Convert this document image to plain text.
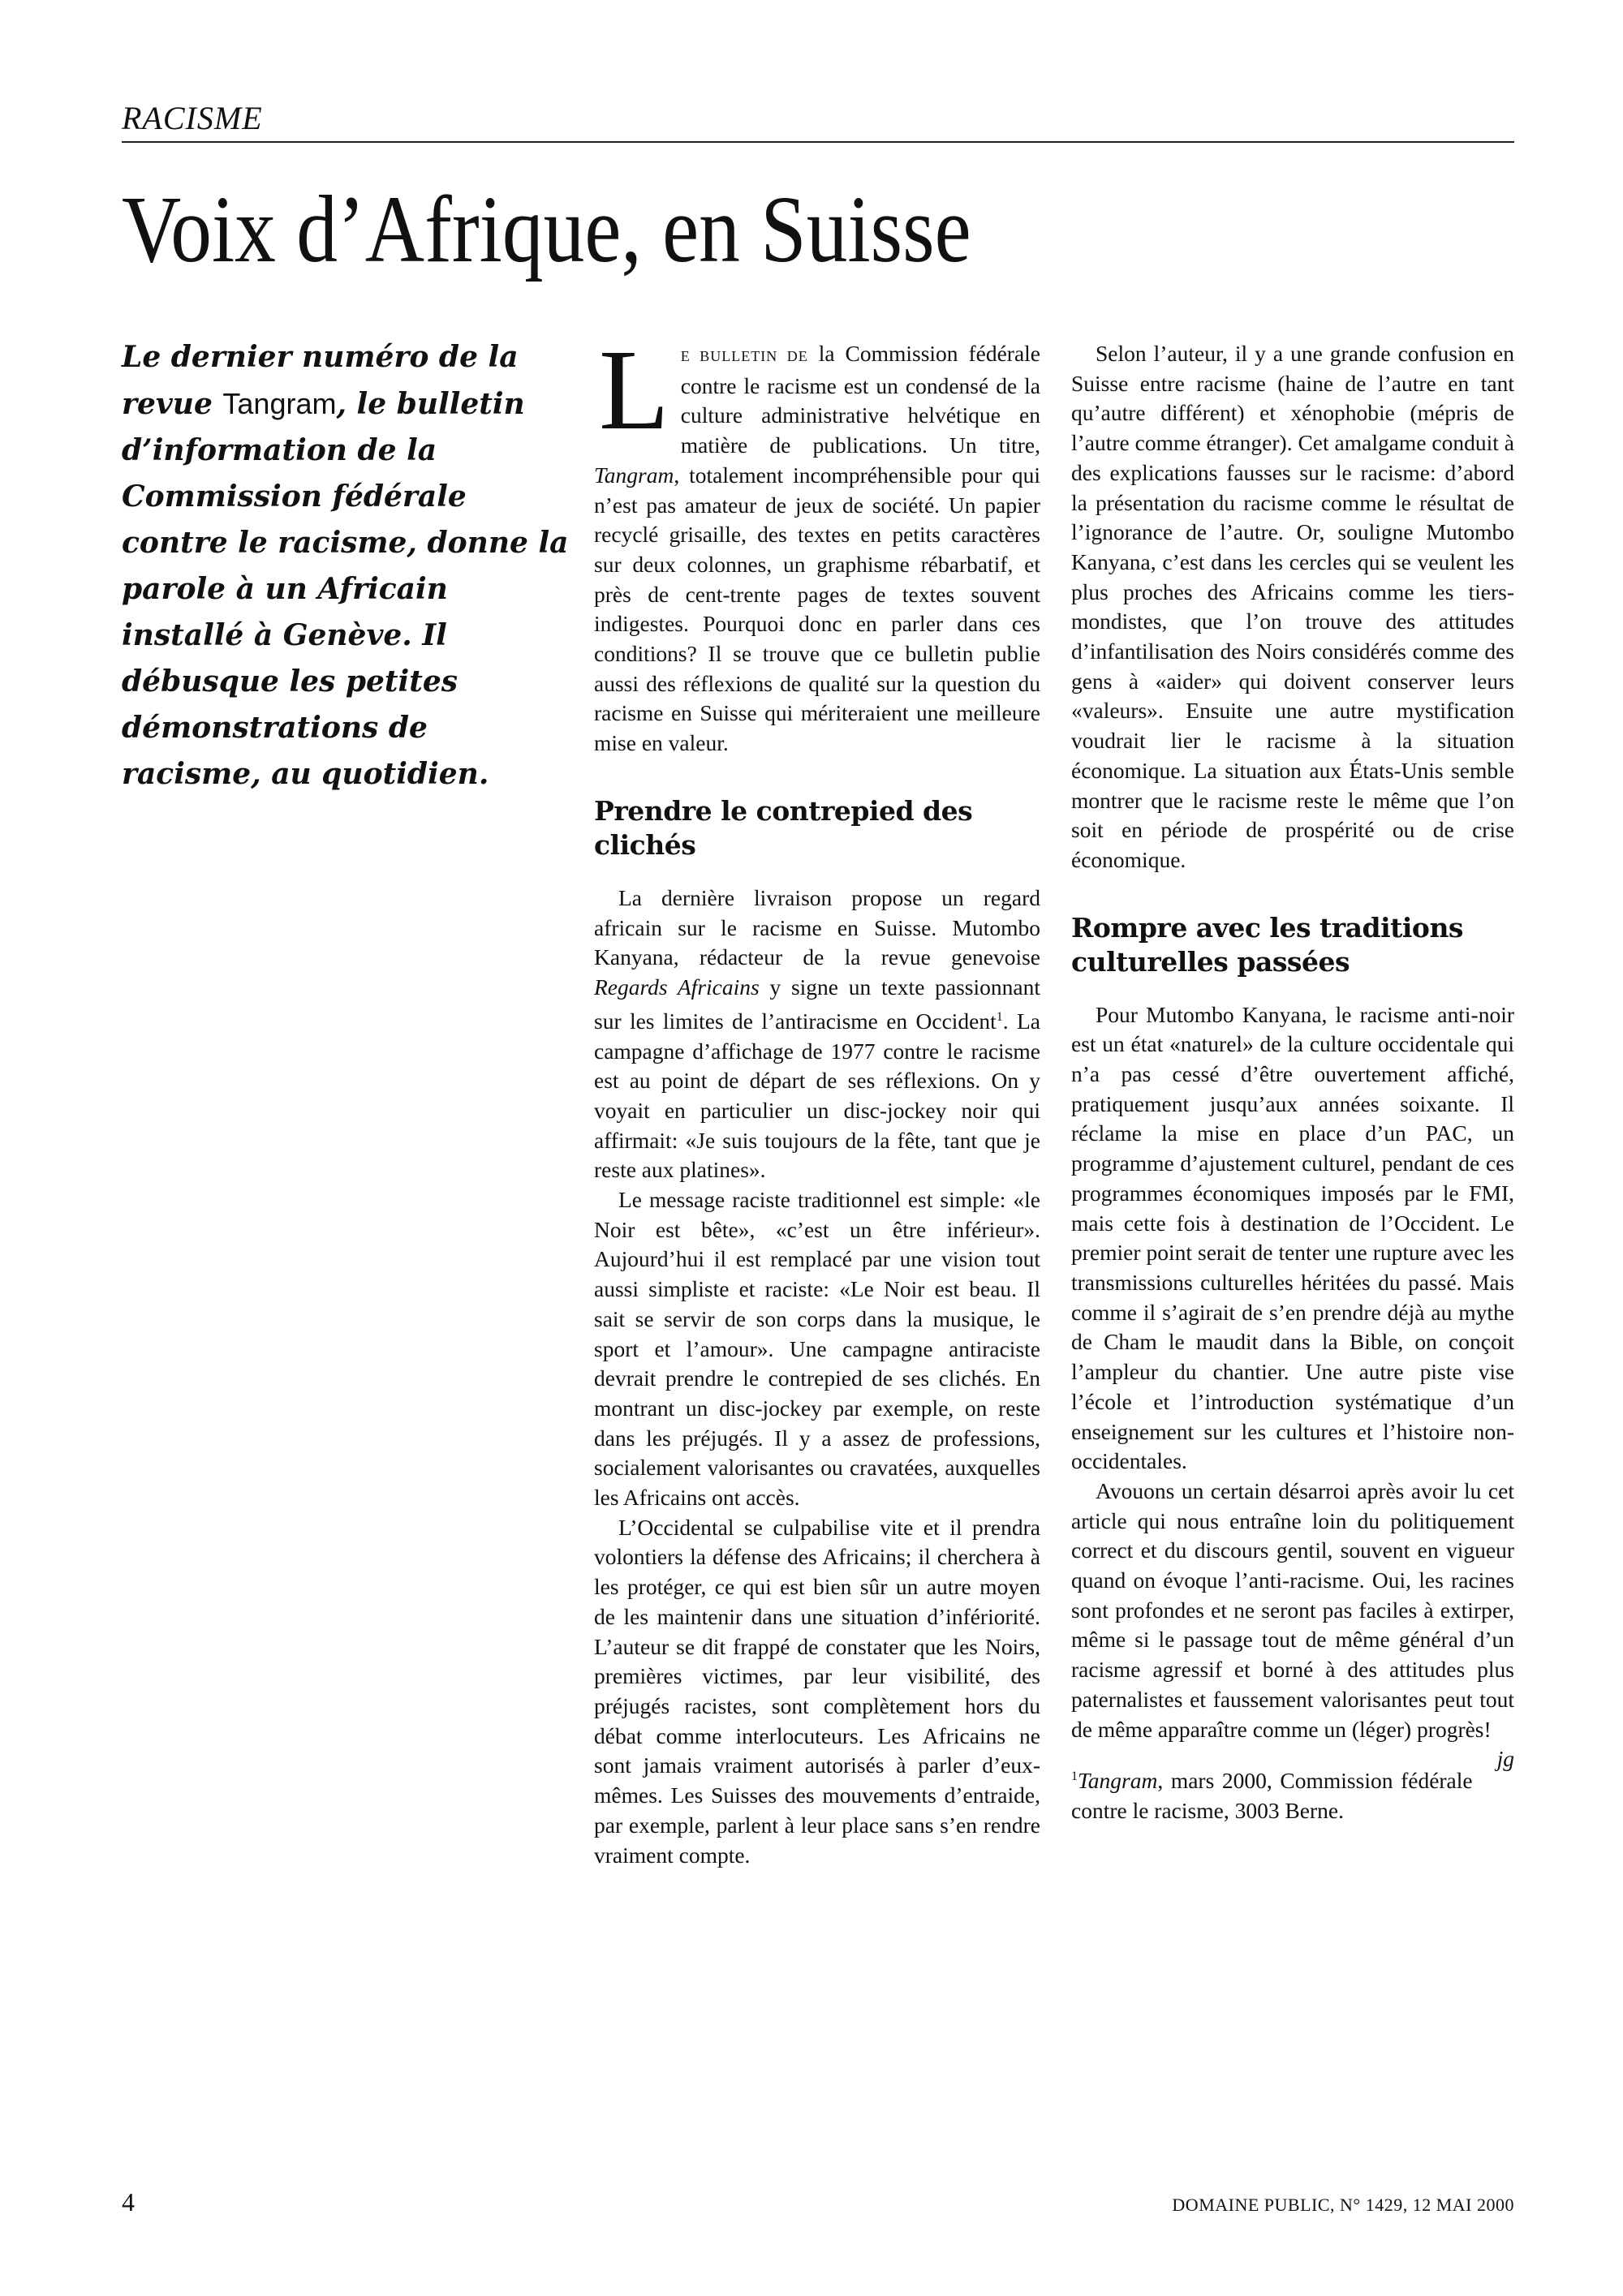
RACISME
Voix d’Afrique, en Suisse

Le dernier numéro de la revue Tangram, le bulletin d’information de la Commission fédérale contre le racisme, donne la parole à un Africain installé à Genève. Il débusque les petites démonstrations de racisme, au quotidien.

L E BULLETIN DE la Commission fédérale contre le racisme est un condensé de la culture administrative helvétique en matière de publications. Un titre, Tangram, totalement incompréhensible pour qui n’est pas amateur de jeux de société. Un papier recyclé grisaille, des textes en petits caractères sur deux colonnes, un graphisme rébarbatif, et près de cent-trente pages de textes souvent indigestes. Pourquoi donc en parler dans ces conditions? Il se trouve que ce bulletin publie aussi des réflexions de qualité sur la question du racisme en Suisse qui mériteraient une meilleure mise en valeur.

Prendre le contrepied des clichés

La dernière livraison propose un regard africain sur le racisme en Suisse. Mutombo Kanyana, rédacteur de la revue genevoise Regards Africains y signe un texte passionnant sur les limites de l’antiracisme en Occident$^1$. La campagne d’affichage de 1977 contre le racisme est au point de départ de ses réflexions. On y voyait en particulier un disc-jockey noir qui affirmait: «Je suis toujours de la fête, tant que je reste aux platines».

Le message raciste traditionnel est simple: «le Noir est bête», «c’est un être inférieur». Aujourd’hui il est remplacé par une vision tout aussi simpliste et raciste: «Le Noir est beau. Il sait se servir de son corps dans la musique, le sport et l’amour». Une campagne antiraciste devrait prendre le contrepied de ses clichés. En montrant un disc-jockey par exemple, on reste dans les préjugés. Il y a assez de professions, socialement valorisantes ou cravatées, auxquelles les Africains ont accès.

L’Occidental se culpabilise vite et il prendra volontiers la défense des Africains; il cherchera à les protéger, ce qui est bien sûr un autre moyen de les maintenir dans une situation d’infériorité. L’auteur se dit frappé de constater que les Noirs, premières victimes, par leur visibilité, des préjugés racistes, sont complètement hors du débat comme interlocuteurs. Les Africains ne sont jamais vraiment autorisés à parler d’eux-mêmes. Les Suisses des mouvements d’entraide, par exemple, parlent à leur place sans s’en rendre vraiment compte.

Selon l’auteur, il y a une grande confusion en Suisse entre racisme (haine de l’autre en tant qu’autre différent) et xénophobie (mépris de l’autre comme étranger). Cet amalgame conduit à des explications fausses sur le racisme: d’abord la présentation du racisme comme le résultat de l’ignorance de l’autre. Or, souligne Mutombo Kanyana, c’est dans les cercles qui se veulent les plus proches des Africains comme les tiers-mondistes, que l’on trouve des attitudes d’infantilisation des Noirs considérés comme des gens à «aider» qui doivent conserver leurs «valeurs». Ensuite une autre mystification voudrait lier le racisme à la situation économique. La situation aux États-Unis semble montrer que le racisme reste le même que l’on soit en période de prospérité ou de crise économique.

Rompre avec les traditions culturelles passées

Pour Mutombo Kanyana, le racisme anti-noir est un état «naturel» de la culture occidentale qui n’a pas cessé d’être ouvertement affiché, pratiquement jusqu’aux années soixante. Il réclame la mise en place d’un PAC, un programme d’ajustement culturel, pendant de ces programmes économiques imposés par le FMI, mais cette fois à destination de l’Occident. Le premier point serait de tenter une rupture avec les transmissions culturelles héritées du passé. Mais comme il s’agirait de s’en prendre déjà au mythe de Cham le maudit dans la Bible, on conçoit l’ampleur du chantier. Une autre piste vise l’école et l’introduction systématique d’un enseignement sur les cultures et l’histoire non-occidentales.

Avouons un certain désarroi après avoir lu cet article qui nous entraîne loin du politiquement correct et du discours gentil, souvent en vigueur quand on évoque l’anti-racisme. Oui, les racines sont profondes et ne seront pas faciles à extirper, même si le passage tout de même général d’un racisme agressif et borné à des attitudes plus paternalistes et faussement valorisantes peut tout de même apparaître comme un (léger) progrès!
jg

$^1$Tangram, mars 2000, Commission fédérale contre le racisme, 3003 Berne.

4	DOMAINE PUBLIC, N° 1429, 12 MAI 2000
